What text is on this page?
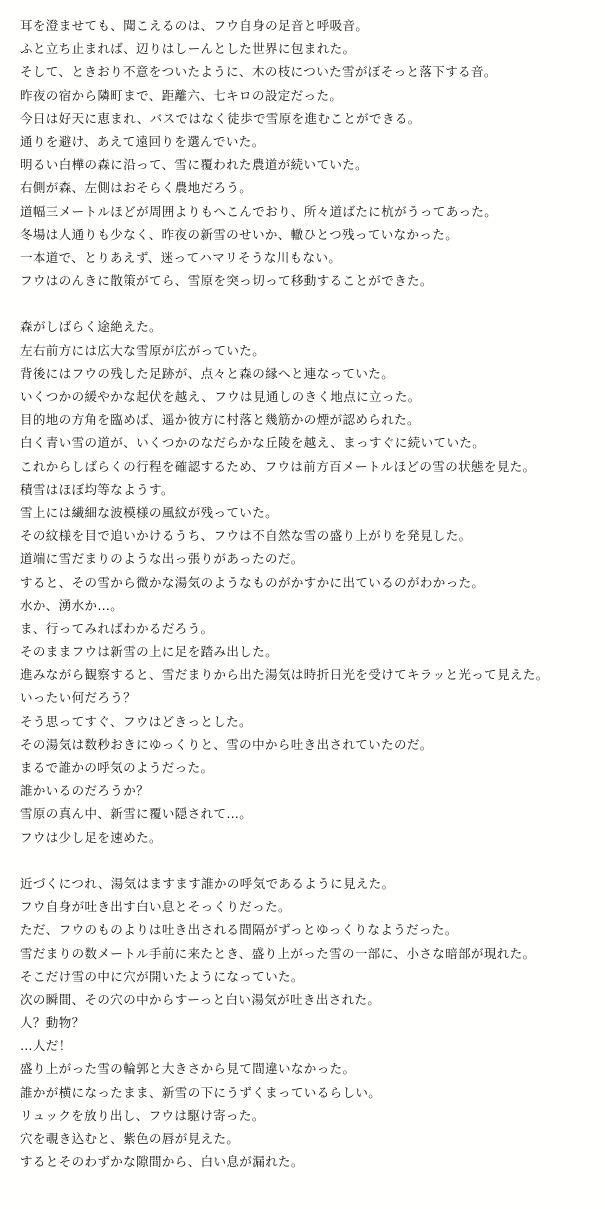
耳を澄ませても、聞こえるのは、フウ自身の足音と呼吸音。
ふと立ち止まれば、辺りはしーんとした世界に包まれた。
そして、ときおり不意をついたように、木の枝についた雪がぼそっと落下する音。
昨夜の宿から隣町まで、距離六、七キロの設定だった。
今日は好天に恵まれ、バスではなく徒歩で雪原を進むことができる。
通りを避け、あえて遠回りを選んでいた。
明るい白樺の森に沿って、雪に覆われた農道が続いていた。
右側が森、左側はおそらく農地だろう。
道幅三メートルほどが周囲よりもへこんでおり、所々道ばたに杭がうってあった。
冬場は人通りも少なく、昨夜の新雪のせいか、轍ひとつ残っていなかった。
一本道で、とりあえず、迷ってハマリそうな川もない。
フウはのんきに散策がてら、雪原を突っ切って移動することができた。
森がしばらく途絶えた。
左右前方には広大な雪原が広がっていた。
背後にはフウの残した足跡が、点々と森の縁へと連なっていた。
いくつかの緩やかな起伏を越え、フウは見通しのきく地点に立った。
目的地の方角を臨めば、遥か彼方に村落と幾筋かの煙が認められた。
白く青い雪の道が、いくつかのなだらかな丘陵を越え、まっすぐに続いていた。
これからしばらくの行程を確認するため、フウは前方百メートルほどの雪の状態を見た。
積雪はほぼ均等なようす。
雪上には繊細な波模様の風紋が残っていた。
その紋様を目で追いかけるうち、フウは不自然な雪の盛り上がりを発見した。
道端に雪だまりのような出っ張りがあったのだ。
すると、その雪から微かな湯気のようなものがかすかに出ているのがわかった。
水か、湧水か…。
ま、行ってみればわかるだろう。
そのままフウは新雪の上に足を踏み出した。
進みながら観察すると、雪だまりから出た湯気は時折日光を受けてキラッと光って見えた。
いったい何だろう？
そう思ってすぐ、フウはどきっとした。
その湯気は数秒おきにゆっくりと、雪の中から吐き出されていたのだ。
まるで誰かの呼気のようだった。
誰かいるのだろうか？
雪原の真ん中、新雪に覆い隠されて…。
フウは少し足を速めた。
近づくにつれ、湯気はますます誰かの呼気であるように見えた。
フウ自身が吐き出す白い息とそっくりだった。
ただ、フウのものよりは吐き出される間隔がずっとゆっくりなようだった。
雪だまりの数メートル手前に来たとき、盛り上がった雪の一部に、小さな暗部が現れた。
そこだけ雪の中に穴が開いたようになっていた。
次の瞬間、その穴の中からすーっと白い湯気が吐き出された。
人？動物？
…人だ！
盛り上がった雪の輪郭と大きさから見て間違いなかった。
誰かが横になったまま、新雪の下にうずくまっているらしい。
リュックを放り出し、フウは駆け寄った。
穴を覗き込むと、紫色の唇が見えた。
するとそのわずかな隙間から、白い息が漏れた。
